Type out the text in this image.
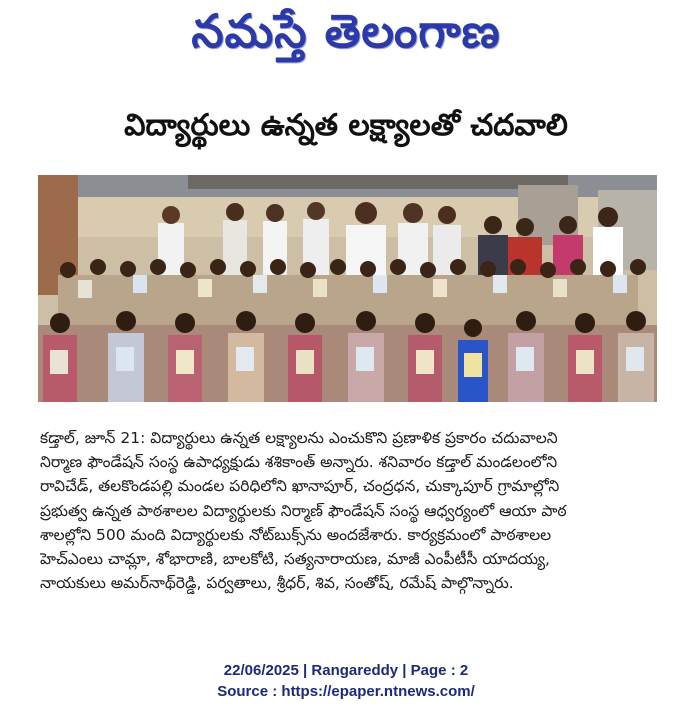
నమస్తే తెలంగాణ
విద్యార్థులు ఉన్నత లక్ష్యాలతో చదవాలి
కడ్తాల్, జూన్ 21: విద్యార్థులు ఉన్నత లక్ష్యాలను ఎంచుకొని ప్రణాళిక ప్రకారం చదువాలని
నిర్మాణ ఫౌండేషన్ సంస్థ ఉపాధ్యక్షుడు శశికాంత్ అన్నారు. శనివారం కడ్తాల్ మండలంలోని
రావిచేడ్, తలకొండపల్లి మండల పరిధిలోని ఖానాపూర్, చంద్రధన, చుక్కాపూర్ గ్రామాల్లోని
ప్రభుత్వ ఉన్నత పాఠశాలల విద్యార్థులకు నిర్మాణ్ ఫౌండేషన్ సంస్థ ఆధ్వర్యంలో ఆయా పాఠ
శాలల్లోని 500 మంది విద్యార్థులకు నోట్‌బుక్స్‌ను అందజేశారు. కార్యక్రమంలో పాఠశాలల
హెచ్‌ఎంలు చామ్లా, శోభారాణి, బాలకోటి, సత్యనారాయణ, మాజీ ఎంపీటీసీ యాదయ్య,
నాయకులు అమర్‌నాథ్‌రెడ్డి, పర్వతాలు, శ్రీధర్, శివ, సంతోష్, రమేష్ పాల్గొన్నారు.
22/06/2025 | Rangareddy | Page : 2
Source : https://epaper.ntnews.com/
